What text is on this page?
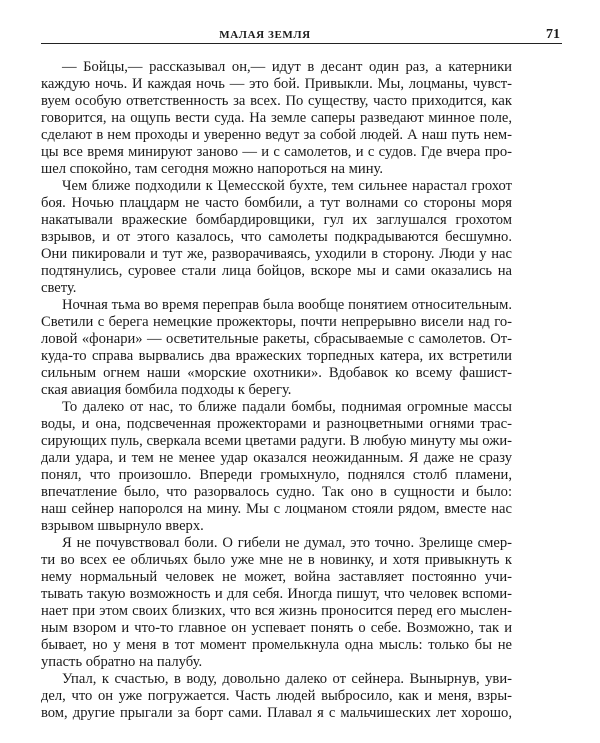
МАЛАЯ ЗЕМЛЯ	71
— Бойцы,— рассказывал он,— идут в десант один раз, а катерники
каждую ночь. И каждая ночь — это бой. Привыкли. Мы, лоцманы, чувст-
вуем особую ответственность за всех. По существу, часто приходится, как
говорится, на ощупь вести суда. На земле саперы разведают минное поле,
сделают в нем проходы и уверенно ведут за собой людей. А наш путь нем-
цы все время минируют заново — и с самолетов, и с судов. Где вчера про-
шел спокойно, там сегодня можно напороться на мину.
Чем ближе подходили к Цемесской бухте, тем сильнее нарастал грохот
боя. Ночью плацдарм не часто бомбили, а тут волнами со стороны моря
накатывали вражеские бомбардировщики, гул их заглушался грохотом
взрывов, и от этого казалось, что самолеты подкрадываются бесшумно.
Они пикировали и тут же, разворачиваясь, уходили в сторону. Люди у нас
подтянулись, суровее стали лица бойцов, вскоре мы и сами оказались на
свету.
Ночная тьма во время переправ была вообще понятием относительным.
Светили с берега немецкие прожекторы, почти непрерывно висели над го-
ловой «фонари» — осветительные ракеты, сбрасываемые с самолетов. От-
куда-то справа вырвались два вражеских торпедных катера, их встретили
сильным огнем наши «морские охотники». Вдобавок ко всему фашист-
ская авиация бомбила подходы к берегу.
То далеко от нас, то ближе падали бомбы, поднимая огромные массы
воды, и она, подсвеченная прожекторами и разноцветными огнями трас-
сирующих пуль, сверкала всеми цветами радуги. В любую минуту мы ожи-
дали удара, и тем не менее удар оказался неожиданным. Я даже не сразу
понял, что произошло. Впереди громыхнуло, поднялся столб пламени,
впечатление было, что разорвалось судно. Так оно в сущности и было:
наш сейнер напоролся на мину. Мы с лоцманом стояли рядом, вместе нас
взрывом швырнуло вверх.
Я не почувствовал боли. О гибели не думал, это точно. Зрелище смер-
ти во всех ее обличьях было уже мне не в новинку, и хотя привыкнуть к
нему нормальный человек не может, война заставляет постоянно учи-
тывать такую возможность и для себя. Иногда пишут, что человек вспоми-
нает при этом своих близких, что вся жизнь проносится перед его мыслен-
ным взором и что-то главное он успевает понять о себе. Возможно, так и
бывает, но у меня в тот момент промелькнула одна мысль: только бы не
упасть обратно на палубу.
Упал, к счастью, в воду, довольно далеко от сейнера. Вынырнув, уви-
дел, что он уже погружается. Часть людей выбросило, как и меня, взры-
вом, другие прыгали за борт сами. Плавал я с мальчишеских лет хорошо,
